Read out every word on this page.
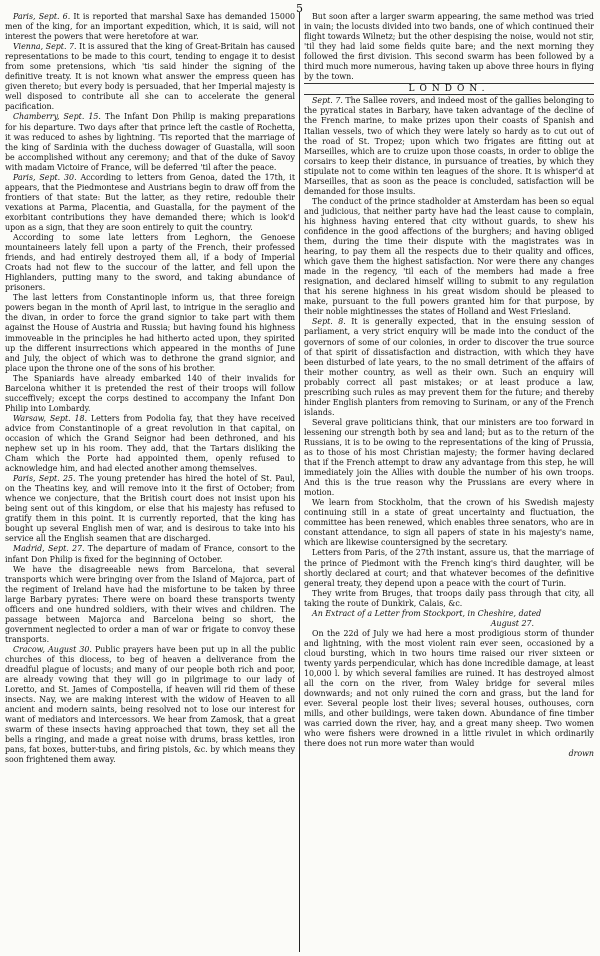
5

Paris, Sept. 6. It is reported that marshal Saxe has demanded 15000 men of the king, for an important expedition, which, it is said, will not interest the powers that were heretofore at war.

Vienna, Sept. 7. It is assured that the king of Great-Britain has caused representations to be made to this court, tending to engage it to desist from some pretensions, which 'tis said hinder the signing of the definitive treaty. It is not known what answer the empress queen has given thereto; but every body is persuaded, that her Imperial majesty is well disposed to contribute all she can to accelerate the general pacification.

Chamberry, Sept. 15. The Infant Don Philip is making preparations for his departure. Two days after that prince left the castle of Rochetta, it was reduced to ashes by lightning. 'Tis reported that the marriage of the king of Sardinia with the duchess dowager of Guastalla, will soon be accomplished without any ceremony; and that of the duke of Savoy with madam Victoire of France, will be deferred 'til after the peace.

Paris, Sept. 30. According to letters from Genoa, dated the 17th, it appears, that the Piedmontese and Austrians begin to draw off from the frontiers of that state: But the latter, as they retire, redouble their vexations at Parma, Placentia, and Guastalla, for the payment of the exorbitant contributions they have demanded there; which is look'd upon as a sign, that they are soon entirely to quit the country.

According to some late letters from Leghorn, the Genoese mountaineers lately fell upon a party of the French, their professed friends, and had entirely destroyed them all, if a body of Imperial Croats had not flew to the succour of the latter, and fell upon the Highlanders, putting many to the sword, and taking abundance of prisoners.

The last letters from Constantinople inform us, that three foreign powers began in the month of April last, to intrigue in the seraglio and the divan, in order to force the grand signior to take part with them against the House of Austria and Russia; but having found his highness immoveable in the principles he had hitherto acted upon, they spirited up the different insurrections which appeared in the months of June and July, the object of which was to dethrone the grand signior, and place upon the throne one of the sons of his brother.

The Spaniards have already embarked 140 of their invalids for Barcelona whither it is pretended the rest of their troops will follow succeffively; except the corps destined to accompany the Infant Don Philip into Lombardy.

Warsaw, Sept. 18. Letters from Podolia fay, that they have received advice from Constantinople of a great revolution in that capital, on occasion of which the Grand Seignor had been dethroned, and his nephew set up in his room. They add, that the Tartars disliking the Cham which the Porte had appointed them, openly refused to acknowledge him, and had elected another among themselves.

Paris, Sept. 25. The young pretender has hired the hotel of St. Paul, on the Theatins key, and will remove into it the first of October; from whence we conjecture, that the British court does not insist upon his being sent out of this kingdom, or else that his majesty has refused to gratify them in this point. It is currently reported, that the king has bought up several English men of war, and is desirous to take into his service all the English seamen that are discharged.

Madrid, Sept. 27. The departure of madam of France, consort to the infant Don Philip is fixed for the beginning of October.

We have the disagreeable news from Barcelona, that several transports which were bringing over from the Island of Majorca, part of the regiment of Ireland have had the misfortune to be taken by three large Barbary pyrates: There were on board these transports twenty officers and one hundred soldiers, with their wives and children. The passage between Majorca and Barcelona being so short, the government neglected to order a man of war or frigate to convoy these transports.

Cracow, August 30. Public prayers have been put up in all the public churches of this diocess, to beg of heaven a deliverance from the dreadful plague of locusts; and many of our people both rich and poor, are already vowing that they will go in pilgrimage to our lady of Loretto, and St. James of Compostella, if heaven will rid them of these insects. Nay, we are making interest with the widow of Heaven to all ancient and modern saints, being resolved not to lose our interest for want of mediators and intercessors. We hear from Zamosk, that a great swarm of these insects having approached that town, they set all the bells a ringing, and made a great noise with drums, brass kettles, iron pans, fat boxes, butter-tubs, and firing pistols, &c. by which means they soon frightened them away.

But soon after a larger swarm appearing, the same method was tried in vain; the locusts divided into two bands, one of which continued their flight towards Wilnetz; but the other despising the noise, would not stir, 'til they had laid some fields quite bare; and the next morning they followed the first division. This second swarm has been followed by a third much more numerous, having taken up above three hours in flying by the town.

LONDON.

Sept. 7. The Sallee rovers, and indeed most of the gallies belonging to the pyratical states in Barbary, have taken advantage of the decline of the French marine, to make prizes upon their coasts of Spanish and Italian vessels, two of which they were lately so hardy as to cut out of the road of St. Tropez; upon which two frigates are fitting out at Marseilles, which are to cruize upon those coasts, in order to oblige the corsairs to keep their distance, in pursuance of treaties, by which they stipulate not to come within ten leagues of the shore. It is whisper'd at Marseilles, that as soon as the peace is concluded, satisfaction will be demanded for those insults.

The conduct of the prince stadholder at Amsterdam has been so equal and judicious, that neither party have had the least cause to complain, his highness having entered that city without guards, to shew his confidence in the good affections of the burghers; and having obliged them, during the time their dispute with the magistrates was in hearing, to pay them all the respects due to their quality and offices, which gave them the highest satisfaction. Nor were there any changes made in the regency, 'til each of the members had made a free resignation, and declared himself willing to submit to any regulation that his serene highness in his great wisdom should be pleased to make, pursuant to the full powers granted him for that purpose, by their noble mightinesses the states of Holland and West Friesland.

Sept. 8. It is generally expected, that in the ensuing session of parliament, a very strict enquiry will be made into the conduct of the governors of some of our colonies, in order to discover the true source of that spirit of dissatisfaction and distraction, with which they have been disturbed of late years, to the no small detriment of the affairs of their mother country, as well as their own. Such an enquiry will probably correct all past mistakes; or at least produce a law, prescribing such rules as may prevent them for the future; and thereby hinder English planters from removing to Surinam, or any of the French islands.

Several grave politicians think, that our ministers are too forward in lessening our strength both by sea and land; but as to the return of the Russians, it is to be owing to the representations of the king of Prussia, as to those of his most Christian majesty; the former having declared that if the French attempt to draw any advantage from this step, he will immediately join the Allies with double the number of his own troops. And this is the true reason why the Prussians are every where in motion.

We learn from Stockholm, that the crown of his Swedish majesty continuing still in a state of great uncertainty and fluctuation, the committee has been renewed, which enables three senators, who are in constant attendance, to sign all papers of state in his majesty's name, which are likewise countersigned by the secretary.

Letters from Paris, of the 27th instant, assure us, that the marriage of the prince of Piedmont with the French king's third daughter, will be shortly declared at court; and that whatever becomes of the definitive general treaty, they depend upon a peace with the court of Turin.

They write from Bruges, that troops daily pass through that city, all taking the route of Dunkirk, Calais, &c.

An Extract of a Letter from Stockport, in Cheshire, dated

August 27.

On the 22d of July we had here a most prodigious storm of thunder and lightning, with the most violent rain ever seen, occasioned by a cloud bursting, which in two hours time raised our river sixteen or twenty yards perpendicular, which has done incredible damage, at least 10,000 l. by which several families are ruined. It has destroyed almost all the corn on the river, from Waley bridge for several miles downwards; and not only ruined the corn and grass, but the land for ever. Several people lost their lives; several houses, outhouses, corn mills, and other buildings, were taken down. Abundance of fine timber was carried down the river, hay, and a great many sheep. Two women who were fishers were drowned in a little rivulet in which ordinarily there does not run more water than would

drown
